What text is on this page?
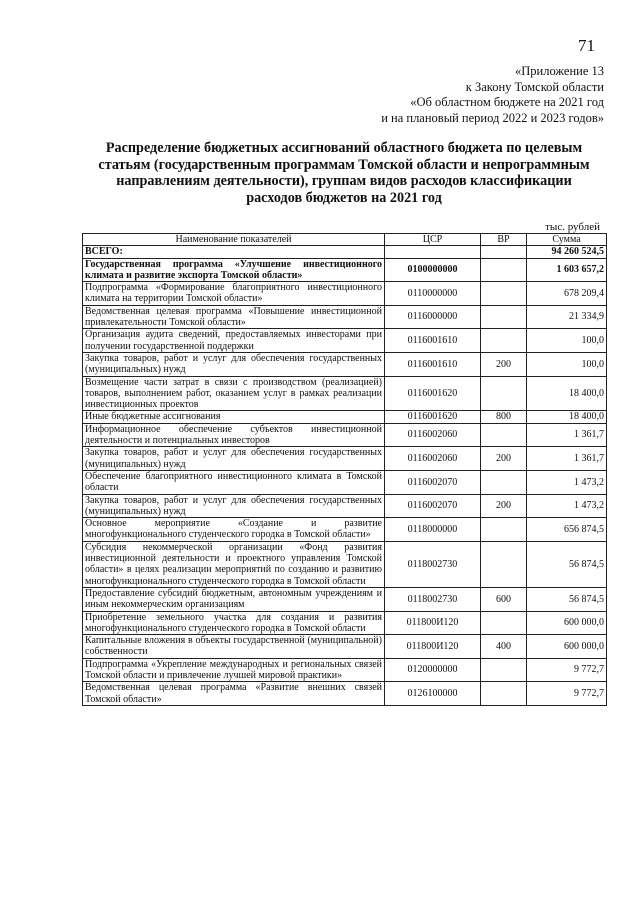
71
«Приложение 13
к Закону Томской области
«Об областном бюджете на 2021 год
и на плановый период 2022 и 2023 годов»
Распределение бюджетных ассигнований областного бюджета по целевым
статьям (государственным программам Томской области и непрограммным
направлениям деятельности), группам видов расходов классификации
расходов бюджетов на 2021 год
тыс. рублей
Наименование показателей	ЦСР	ВР	Сумма
ВСЕГО:			94 260 524,5
Государственная программа «Улучшение инвестиционного климата и развитие экспорта Томской области»	0100000000		1 603 657,2
Подпрограмма «Формирование благоприятного инвестиционного климата на территории Томской области»	0110000000		678 209,4
Ведомственная целевая программа «Повышение инвестиционной привлекательности Томской области»	0116000000		21 334,9
Организация аудита сведений, предоставляемых инвесторами при получении государственной поддержки	0116001610		100,0
Закупка товаров, работ и услуг для обеспечения государственных (муниципальных) нужд	0116001610	200	100,0
Возмещение части затрат в связи с производством (реализацией) товаров, выполнением работ, оказанием услуг в рамках реализации инвестиционных проектов	0116001620		18 400,0
Иные бюджетные ассигнования	0116001620	800	18 400,0
Информационное обеспечение субъектов инвестиционной деятельности и потенциальных инвесторов	0116002060		1 361,7
Закупка товаров, работ и услуг для обеспечения государственных (муниципальных) нужд	0116002060	200	1 361,7
Обеспечение благоприятного инвестиционного климата в Томской области	0116002070		1 473,2
Закупка товаров, работ и услуг для обеспечения государственных (муниципальных) нужд	0116002070	200	1 473,2
Основное мероприятие «Создание и развитие многофункционального студенческого городка в Томской области»	0118000000		656 874,5
Субсидия некоммерческой организации «Фонд развития инвестиционной деятельности и проектного управления Томской области» в целях реализации мероприятий по созданию и развитию многофункционального студенческого городка в Томской области	0118002730		56 874,5
Предоставление субсидий бюджетным, автономным учреждениям и иным некоммерческим организациям	0118002730	600	56 874,5
Приобретение земельного участка для создания и развития многофункционального студенческого городка в Томской области	011800И120		600 000,0
Капитальные вложения в объекты государственной (муниципальной) собственности	011800И120	400	600 000,0
Подпрограмма «Укрепление международных и региональных связей Томской области и привлечение лучшей мировой практики»	0120000000		9 772,7
Ведомственная целевая программа «Развитие внешних связей Томской области»	0126100000		9 772,7
